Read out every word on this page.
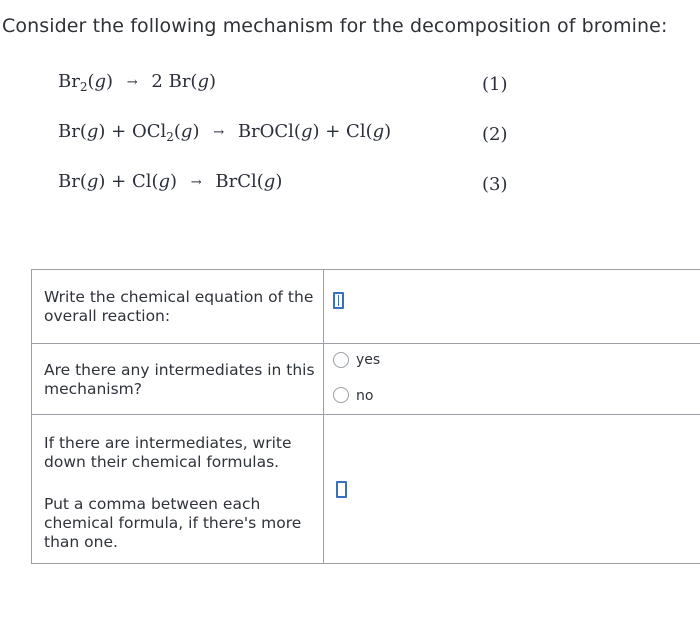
Consider the following mechanism for the decomposition of bromine:
$Br_2(g) \to 2$ Br(g)	(1)
Br(g) + OCl$_2$(g) → BrOCl(g) + Cl(g)	(2)
Br(g) + Cl(g) → BrCl(g)	(3)
Write the chemical equation of the overall reaction:
Are there any intermediates in this mechanism?
yes
no
If there are intermediates, write down their chemical formulas.
Put a comma between each chemical formula, if there's more than one.
